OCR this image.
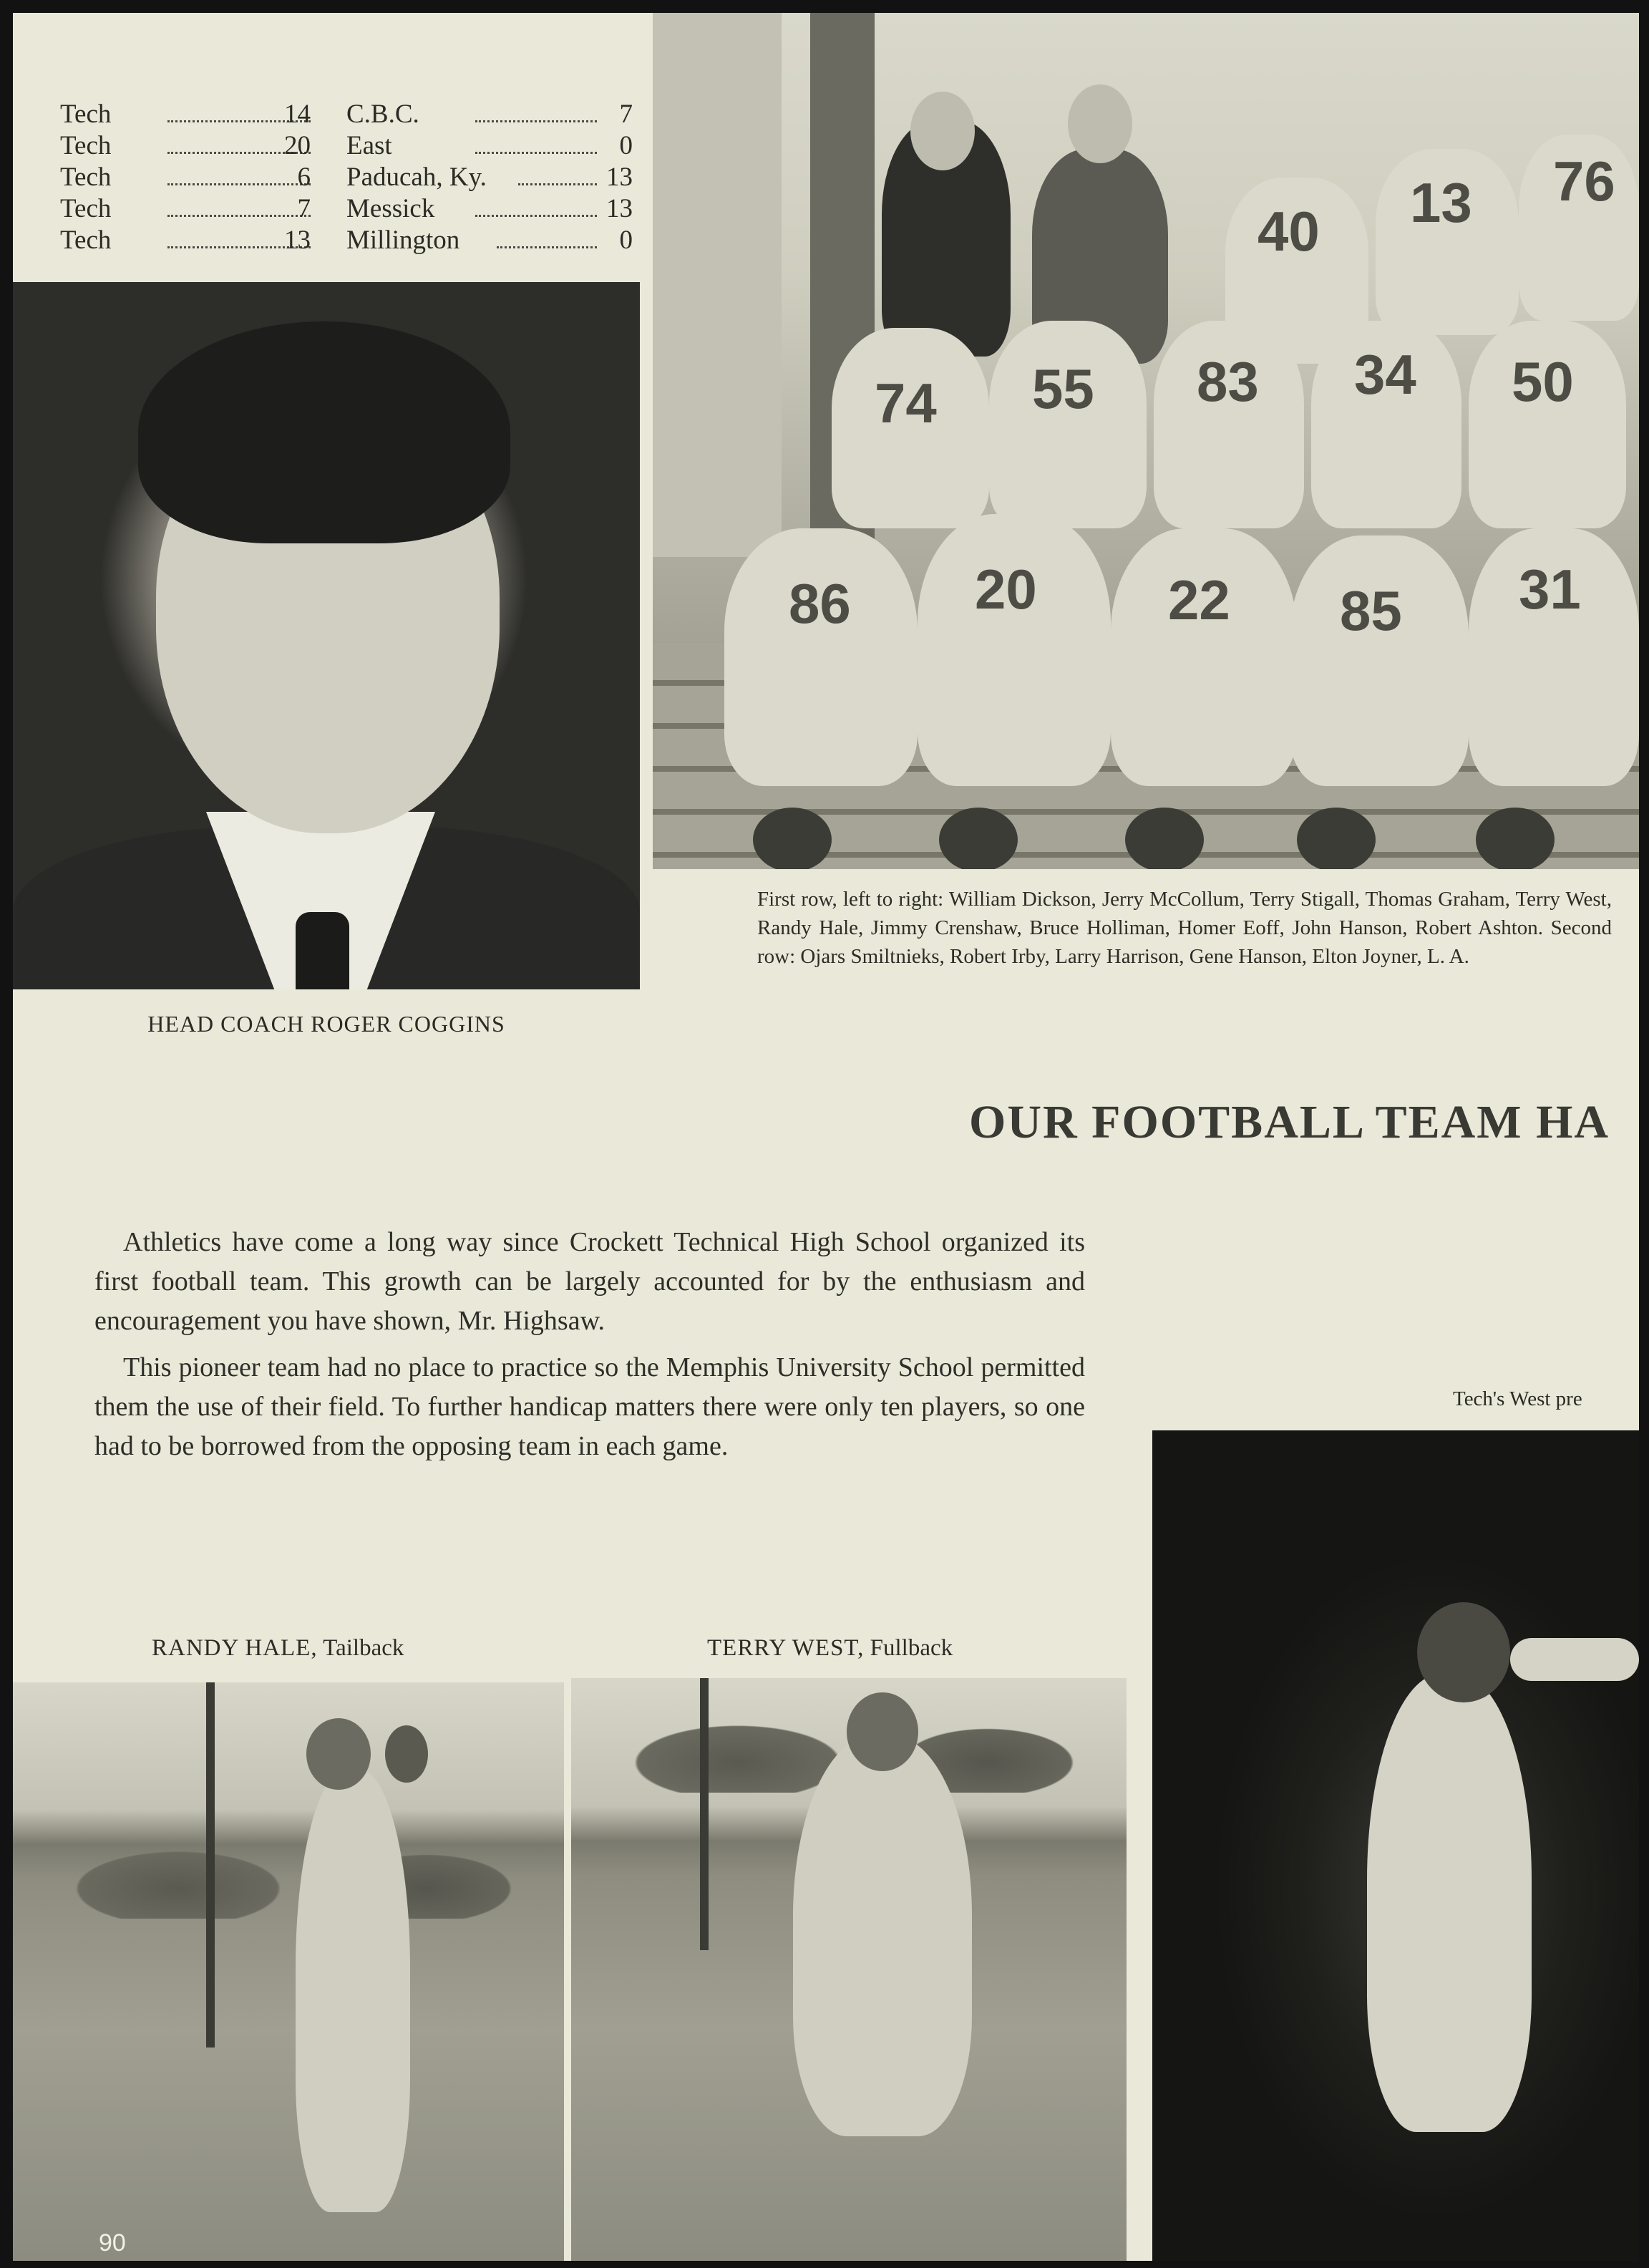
Tech	14 C.B.C.	7
Tech	20 East	0
Tech	6 Paducah, Ky.	13
Tech	7 Messick	13
Tech	13 Millington	0
HEAD COACH ROGER COGGINS
40 13 76
74 55 83 34 50
86 20 22 85 31
First row, left to right: William Dickson, Jerry McCollum, Terry Stigall, Thomas Graham, Terry West, Randy Hale, Jimmy Crenshaw, Bruce Holliman, Homer Eoff, John Hanson, Robert Ashton. Second row: Ojars Smiltnieks, Robert Irby, Larry Harrison, Gene Hanson, Elton Joyner, L. A.
OUR FOOTBALL TEAM HA

Athletics have come a long way since Crockett Technical High School organized its first football team. This growth can be largely accounted for by the enthusiasm and encouragement you have shown, Mr. Highsaw.

This pioneer team had no place to practice so the Memphis University School permitted them the use of their field. To further handicap matters there were only ten players, so one had to be borrowed from the opposing team in each game.

Tech's West pre
RANDY HALE, Tailback	TERRY WEST, Fullback
90
